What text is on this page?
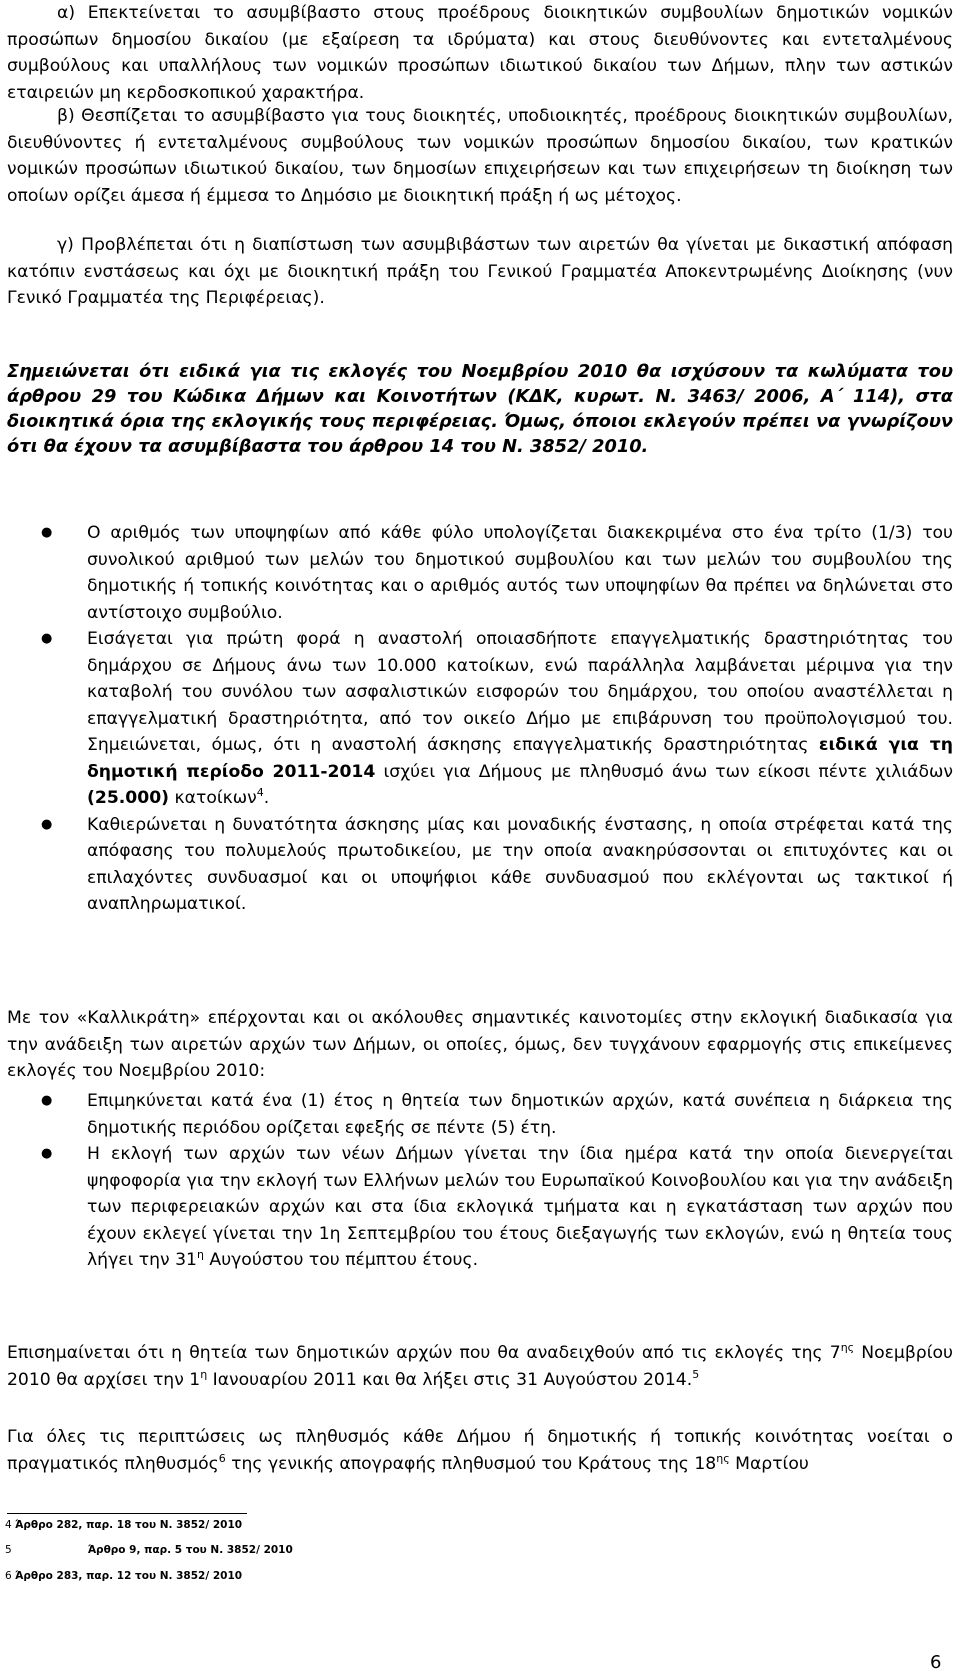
α) Επεκτείνεται το ασυμβίβαστο στους προέδρους διοικητικών συμβουλίων δημοτικών νομικών προσώπων δημοσίου δικαίου (με εξαίρεση τα ιδρύματα) και στους διευθύνοντες και εντεταλμένους συμβούλους και υπαλλήλους των νομικών προσώπων ιδιωτικού δικαίου των Δήμων, πλην των αστικών εταιρειών μη κερδοσκοπικού χαρακτήρα.

β) Θεσπίζεται το ασυμβίβαστο για τους διοικητές, υποδιοικητές, προέδρους διοικητικών συμβουλίων, διευθύνοντες ή εντεταλμένους συμβούλους των νομικών προσώπων δημοσίου δικαίου, των κρατικών νομικών προσώπων ιδιωτικού δικαίου, των δημοσίων επιχειρήσεων και των επιχειρήσεων τη διοίκηση των οποίων ορίζει άμεσα ή έμμεσα το Δημόσιο με διοικητική πράξη ή ως μέτοχος.

γ) Προβλέπεται ότι η διαπίστωση των ασυμβιβάστων των αιρετών θα γίνεται με δικαστική απόφαση κατόπιν ενστάσεως και όχι με διοικητική πράξη του Γενικού Γραμματέα Αποκεντρωμένης Διοίκησης (νυν Γενικό Γραμματέα της Περιφέρειας).

Σημειώνεται ότι ειδικά για τις εκλογές του Νοεμβρίου 2010 θα ισχύσουν τα κωλύματα του άρθρου 29 του Κώδικα Δήμων και Κοινοτήτων (ΚΔΚ, κυρωτ. Ν. 3463/ 2006, Α΄ 114), στα διοικητικά όρια της εκλογικής τους περιφέρειας. Όμως, όποιοι εκλεγούν πρέπει να γνωρίζουν ότι θα έχουν τα ασυμβίβαστα του άρθρου 14 του Ν. 3852/ 2010.

● Ο αριθμός των υποψηφίων από κάθε φύλο υπολογίζεται διακεκριμένα στο ένα τρίτο (1/3) του συνολικού αριθμού των μελών του δημοτικού συμβουλίου και των μελών του συμβουλίου της δημοτικής ή τοπικής κοινότητας και ο αριθμός αυτός των υποψηφίων θα πρέπει να δηλώνεται στο αντίστοιχο συμβούλιο.
● Εισάγεται για πρώτη φορά η αναστολή οποιασδήποτε επαγγελματικής δραστηριότητας του δημάρχου σε Δήμους άνω των 10.000 κατοίκων, ενώ παράλληλα λαμβάνεται μέριμνα για την καταβολή του συνόλου των ασφαλιστικών εισφορών του δημάρχου, του οποίου αναστέλλεται η επαγγελματική δραστηριότητα, από τον οικείο Δήμο με επιβάρυνση του προϋπολογισμού του. Σημειώνεται, όμως, ότι η αναστολή άσκησης επαγγελματικής δραστηριότητας ειδικά για τη δημοτική περίοδο 2011-2014 ισχύει για Δήμους με πληθυσμό άνω των είκοσι πέντε χιλιάδων (25.000) κατοίκων$^4$.
● Καθιερώνεται η δυνατότητα άσκησης μίας και μοναδικής ένστασης, η οποία στρέφεται κατά της απόφασης του πολυμελούς πρωτοδικείου, με την οποία ανακηρύσσονται οι επιτυχόντες και οι επιλαχόντες συνδυασμοί και οι υποψήφιοι κάθε συνδυασμού που εκλέγονται ως τακτικοί ή αναπληρωματικοί.

Με τον «Καλλικράτη» επέρχονται και οι ακόλουθες σημαντικές καινοτομίες στην εκλογική διαδικασία για την ανάδειξη των αιρετών αρχών των Δήμων, οι οποίες, όμως, δεν τυγχάνουν εφαρμογής στις επικείμενες εκλογές του Νοεμβρίου 2010:

● Επιμηκύνεται κατά ένα (1) έτος η θητεία των δημοτικών αρχών, κατά συνέπεια η διάρκεια της δημοτικής περιόδου ορίζεται εφεξής σε πέντε (5) έτη.
● Η εκλογή των αρχών των νέων Δήμων γίνεται την ίδια ημέρα κατά την οποία διενεργείται ψηφοφορία για την εκλογή των Ελλήνων μελών του Ευρωπαϊκού Κοινοβουλίου και για την ανάδειξη των περιφερειακών αρχών και στα ίδια εκλογικά τμήματα και η εγκατάσταση των αρχών που έχουν εκλεγεί γίνεται την 1η Σεπτεμβρίου του έτους διεξαγωγής των εκλογών, ενώ η θητεία τους λήγει την $31^\eta$ Αυγούστου του πέμπτου έτους.

Επισημαίνεται ότι η θητεία των δημοτικών αρχών που θα αναδειχθούν από τις εκλογές της $7^{\eta\varsigma}$ Νοεμβρίου 2010 θα αρχίσει την $1^\eta$ Ιανουαρίου 2011 και θα λήξει στις 31 Αυγούστου 2014.$^5$

Για όλες τις περιπτώσεις ως πληθυσμός κάθε Δήμου ή δημοτικής ή τοπικής κοινότητας νοείται ο πραγματικός πληθυσμός$^6$ της γενικής απογραφής πληθυσμού του Κράτους της $18^{\eta\varsigma}$ Μαρτίου

4 Άρθρο 282, παρ. 18 του Ν. 3852/ 2010
5	Άρθρο 9, παρ. 5 του Ν. 3852/ 2010
6 Άρθρο 283, παρ. 12 του Ν. 3852/ 2010
6
